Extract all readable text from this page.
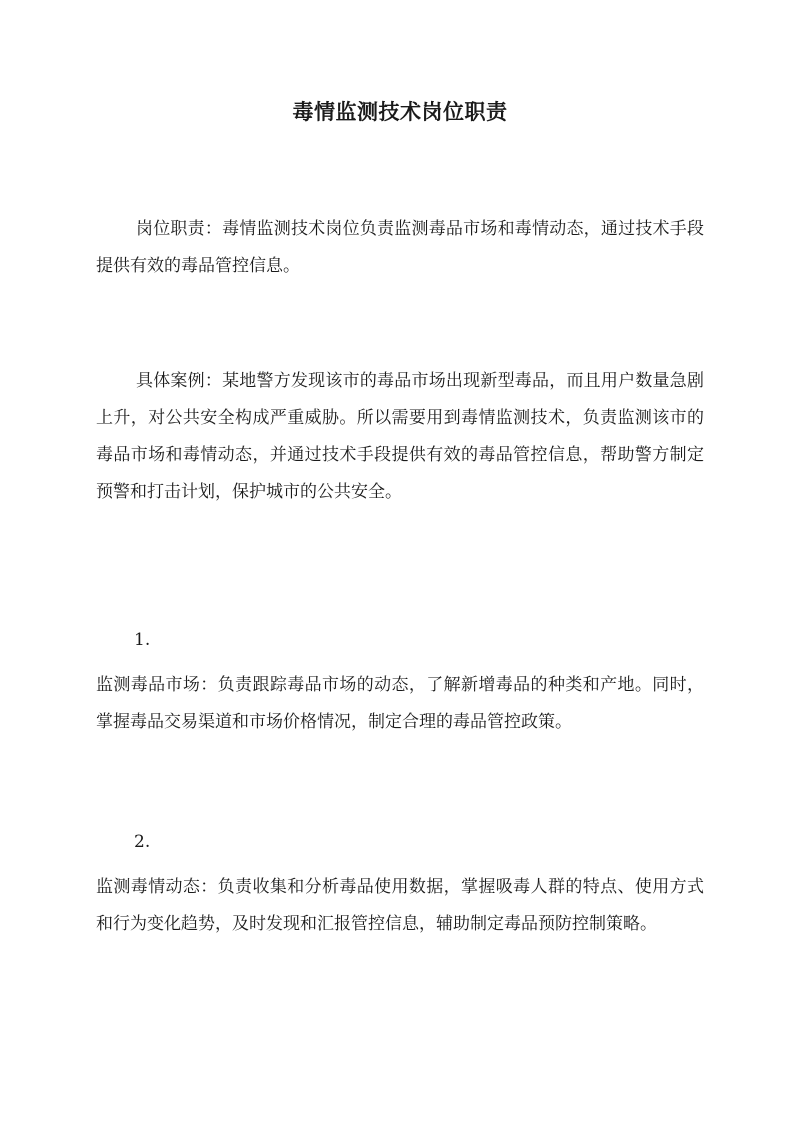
毒情监测技术岗位职责

岗位职责：毒情监测技术岗位负责监测毒品市场和毒情动态，通过技术手段提供有效的毒品管控信息。

具体案例：某地警方发现该市的毒品市场出现新型毒品，而且用户数量急剧上升，对公共安全构成严重威胁。所以需要用到毒情监测技术，负责监测该市的毒品市场和毒情动态，并通过技术手段提供有效的毒品管控信息，帮助警方制定预警和打击计划，保护城市的公共安全。

1.

监测毒品市场：负责跟踪毒品市场的动态，了解新增毒品的种类和产地。同时，掌握毒品交易渠道和市场价格情况，制定合理的毒品管控政策。

2.

监测毒情动态：负责收集和分析毒品使用数据，掌握吸毒人群的特点、使用方式和行为变化趋势，及时发现和汇报管控信息，辅助制定毒品预防控制策略。
